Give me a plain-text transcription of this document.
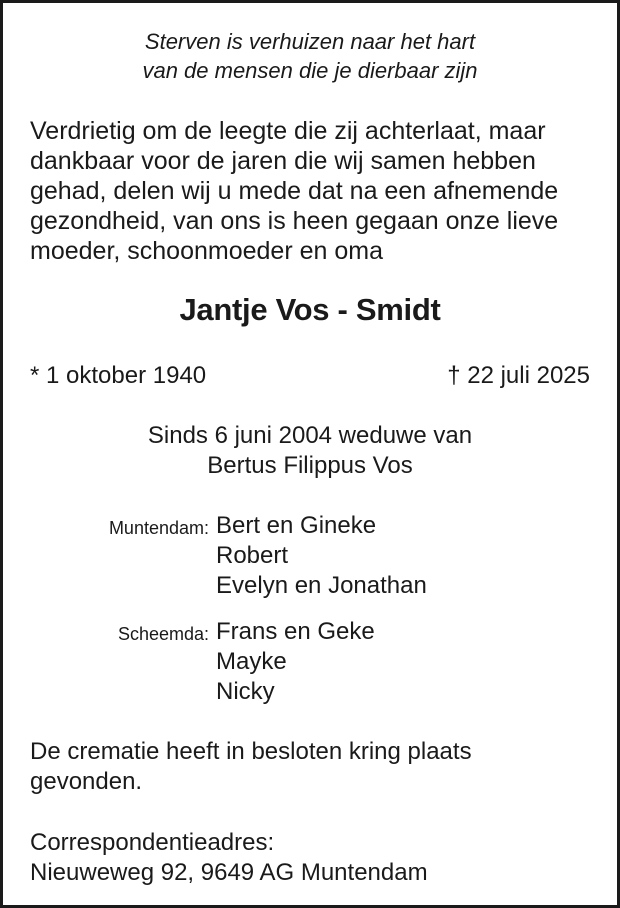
Sterven is verhuizen naar het hart
van de mensen die je dierbaar zijn
Verdrietig om de leegte die zij achterlaat, maar
dankbaar voor de jaren die wij samen hebben
gehad, delen wij u mede dat na een afnemende
gezondheid, van ons is heen gegaan onze lieve
moeder, schoonmoeder en oma
Jantje Vos - Smidt
* 1 oktober 1940	† 22 juli 2025
Sinds 6 juni 2004 weduwe van
Bertus Filippus Vos
Muntendam: Bert en Gineke
Robert
Evelyn en Jonathan
Scheemda: Frans en Geke
Mayke
Nicky
De crematie heeft in besloten kring plaats
gevonden.
Correspondentieadres:
Nieuweweg 92, 9649 AG Muntendam
